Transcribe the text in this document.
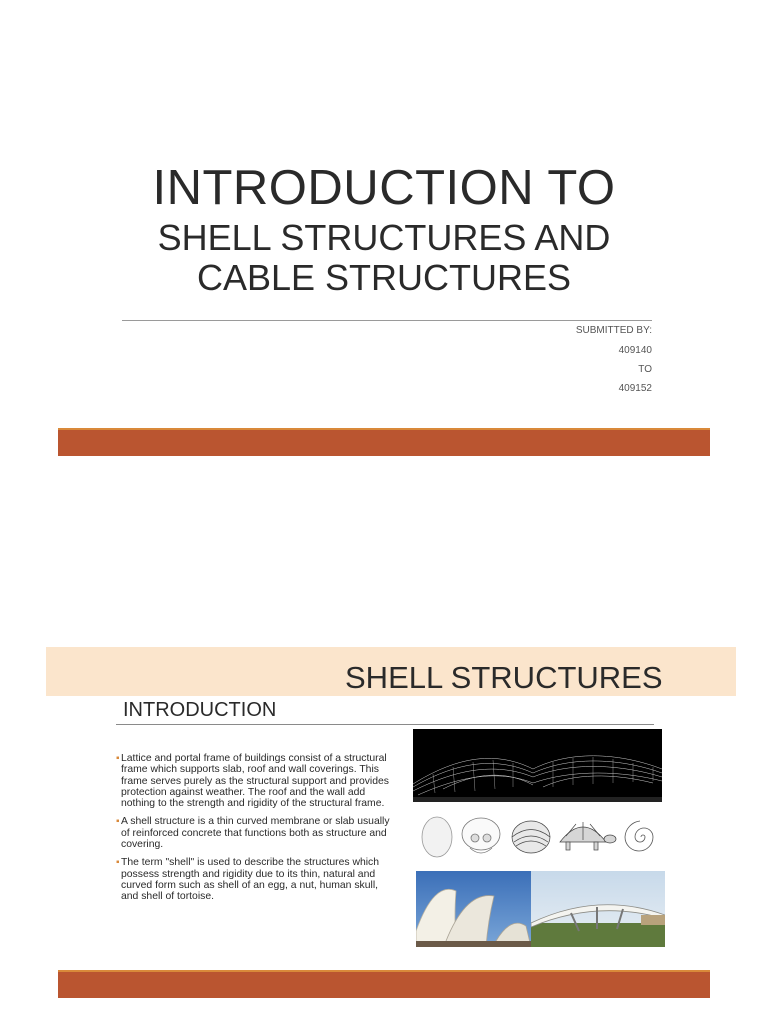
INTRODUCTION TO
SHELL STRUCTURES AND
CABLE STRUCTURES
SUBMITTED BY:
409140
TO
409152
SHELL STRUCTURES
INTRODUCTION
▪ Lattice and portal frame of buildings consist of a structural frame which supports slab, roof and wall coverings. This frame serves purely as the structural support and provides protection against weather. The roof and the wall add nothing to the strength and rigidity of the structural frame.
▪ A shell structure is a thin curved membrane or slab usually of reinforced concrete that functions both as structure and covering.
▪ The term "shell" is used to describe the structures which possess strength and rigidity due to its thin, natural and curved form such as shell of an egg, a nut, human skull, and shell of tortoise.
